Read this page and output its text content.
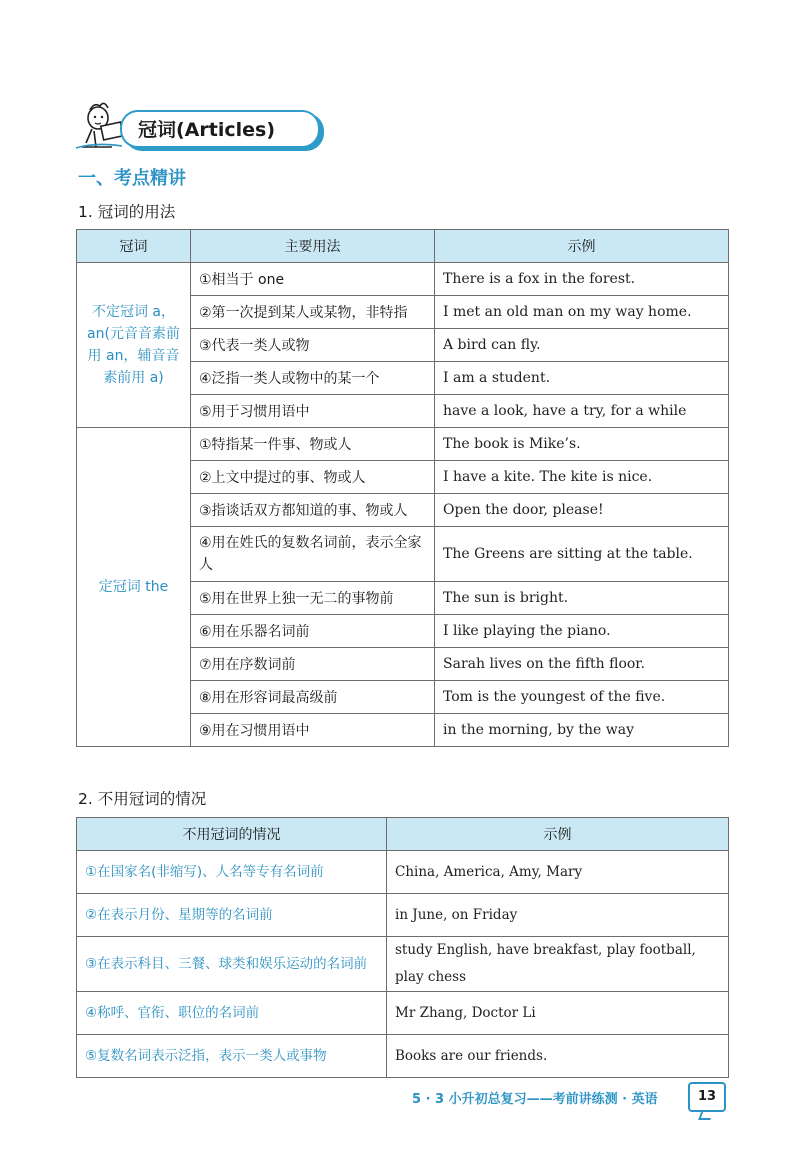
冠词(Articles)
一、考点精讲
1. 冠词的用法
冠词	主要用法	示例
不定冠词 a，an(元音音素前用 an，辅音音素前用 a)	①相当于 one	There is a fox in the forest.
	②第一次提到某人或某物，非特指	I met an old man on my way home.
	③代表一类人或物	A bird can fly.
	④泛指一类人或物中的某一个	I am a student.
	⑤用于习惯用语中	have a look, have a try, for a while
定冠词 the	①特指某一件事、物或人	The book is Mike’s.
	②上文中提过的事、物或人	I have a kite. The kite is nice.
	③指谈话双方都知道的事、物或人	Open the door, please!
	④用在姓氏的复数名词前，表示全家人	The Greens are sitting at the table.
	⑤用在世界上独一无二的事物前	The sun is bright.
	⑥用在乐器名词前	I like playing the piano.
	⑦用在序数词前	Sarah lives on the fifth floor.
	⑧用在形容词最高级前	Tom is the youngest of the five.
	⑨用在习惯用语中	in the morning, by the way
2. 不用冠词的情况
不用冠词的情况	示例
①在国家名(非缩写)、人名等专有名词前	China, America, Amy, Mary
②在表示月份、星期等的名词前	in June, on Friday
③在表示科目、三餐、球类和娱乐运动的名词前	study English, have breakfast, play football, play chess
④称呼、官衔、职位的名词前	Mr Zhang, Doctor Li
⑤复数名词表示泛指，表示一类人或事物	Books are our friends.
5 · 3 小升初总复习——考前讲练测 · 英语	13
